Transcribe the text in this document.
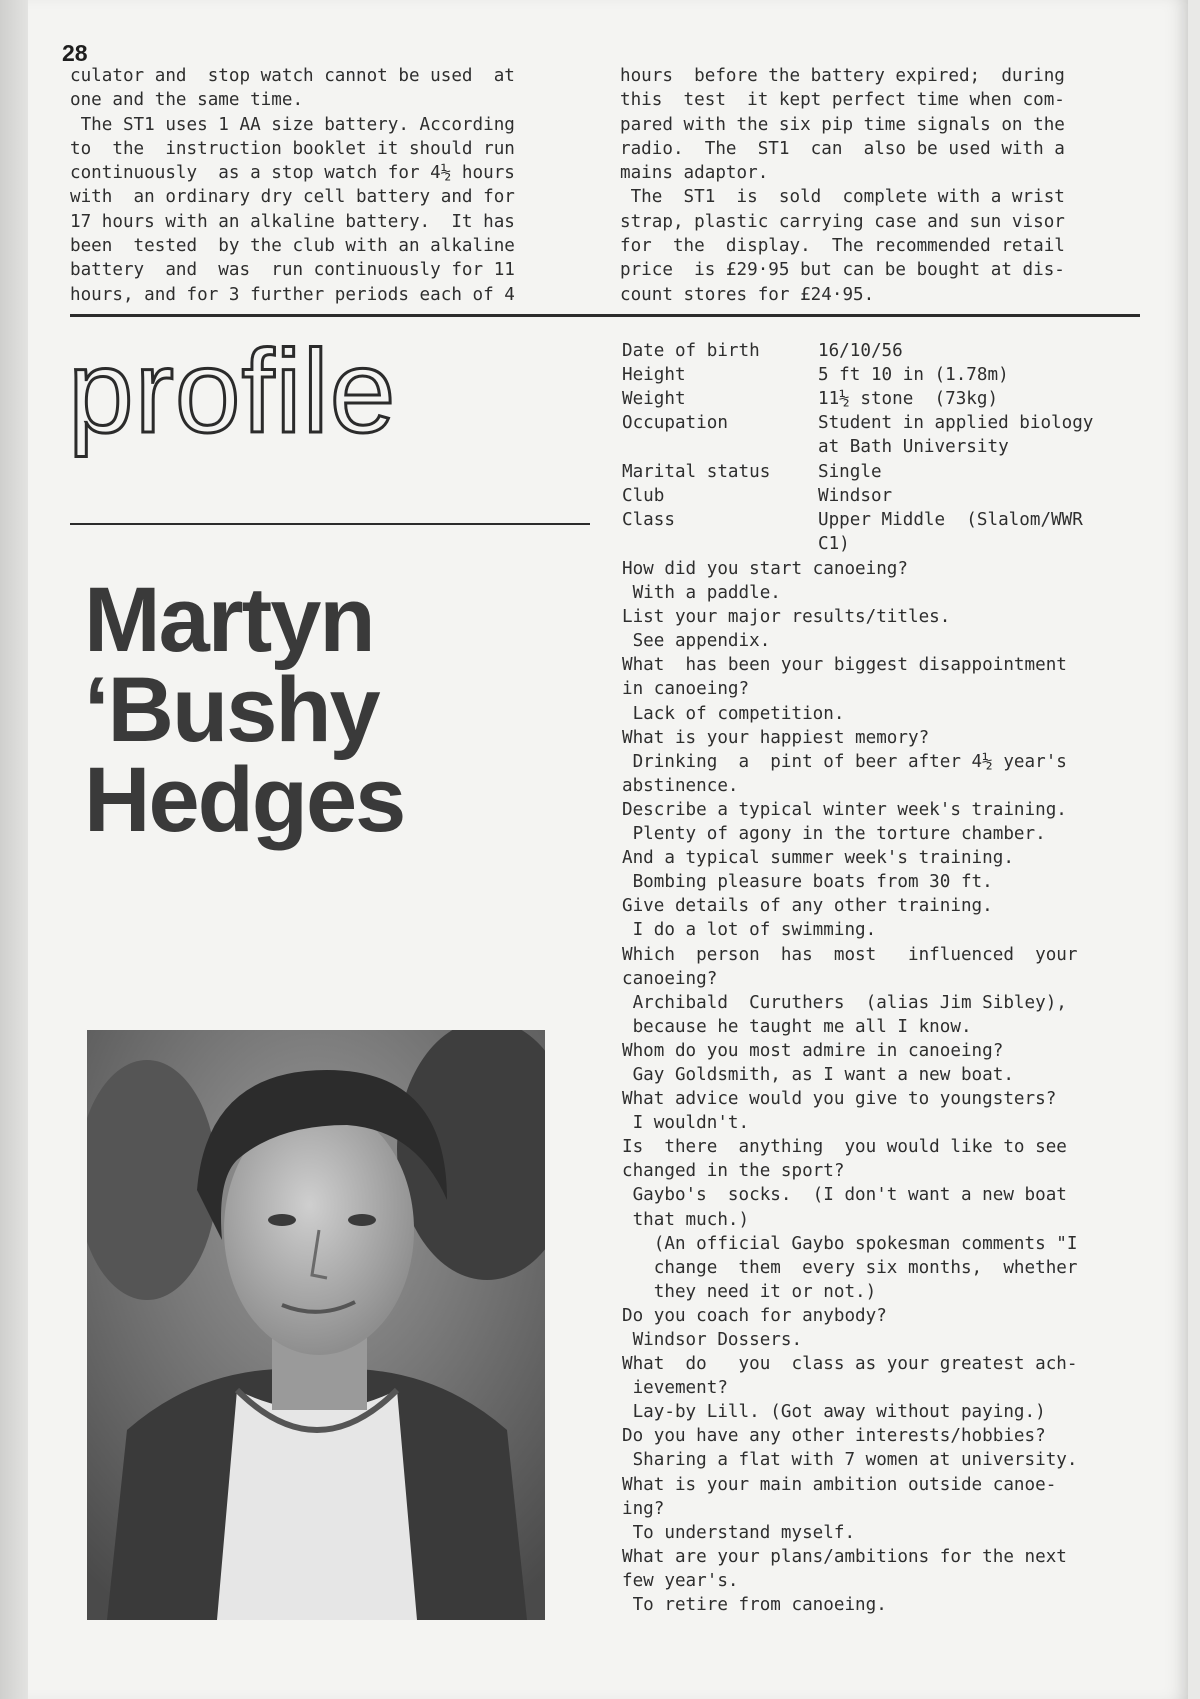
28
culator and  stop watch cannot be used  at
one and the same time.
The ST1 uses 1 AA size battery. According
to  the  instruction booklet it should run
continuously  as a stop watch for 4½ hours
with  an ordinary dry cell battery and for
17 hours with an alkaline battery.  It has
been  tested  by the club with an alkaline
battery  and  was  run continuously for 11
hours, and for 3 further periods each of 4
hours  before the battery expired;  during
this  test  it kept perfect time when com-
pared with the six pip time signals on the
radio.  The  ST1  can  also be used with a
mains adaptor.
The  ST1  is  sold  complete with a wrist
strap, plastic carrying case and sun visor
for  the  display.  The recommended retail
price  is £29·95 but can be bought at dis-
count stores for £24·95.
profile
Martyn
‘Bushy
Hedges
Date of birth	16/10/56
Height	5 ft 10 in (1.78m)
Weight	11½ stone  (73kg)
Occupation	Student in applied biology
at Bath University
Marital status	Single
Club	Windsor
Class	Upper Middle  (Slalom/WWR
C1)
How did you start canoeing?
With a paddle.
List your major results/titles.
See appendix.
What  has been your biggest disappointment
in canoeing?
Lack of competition.
What is your happiest memory?
Drinking  a  pint of beer after 4½ year's
abstinence.
Describe a typical winter week's training.
Plenty of agony in the torture chamber.
And a typical summer week's training.
Bombing pleasure boats from 30 ft.
Give details of any other training.
I do a lot of swimming.
Which  person  has  most   influenced  your
canoeing?
Archibald  Curuthers  (alias Jim Sibley),
because he taught me all I know.
Whom do you most admire in canoeing?
Gay Goldsmith, as I want a new boat.
What advice would you give to youngsters?
I wouldn't.
Is  there  anything  you would like to see
changed in the sport?
Gaybo's  socks.  (I don't want a new boat
that much.)
(An official Gaybo spokesman comments "I
change  them  every six months,  whether
they need it or not.)
Do you coach for anybody?
Windsor Dossers.
What  do   you  class as your greatest ach-
ievement?
Lay-by Lill. (Got away without paying.)
Do you have any other interests/hobbies?
Sharing a flat with 7 women at university.
What is your main ambition outside canoe-
ing?
To understand myself.
What are your plans/ambitions for the next
few year's.
To retire from canoeing.
